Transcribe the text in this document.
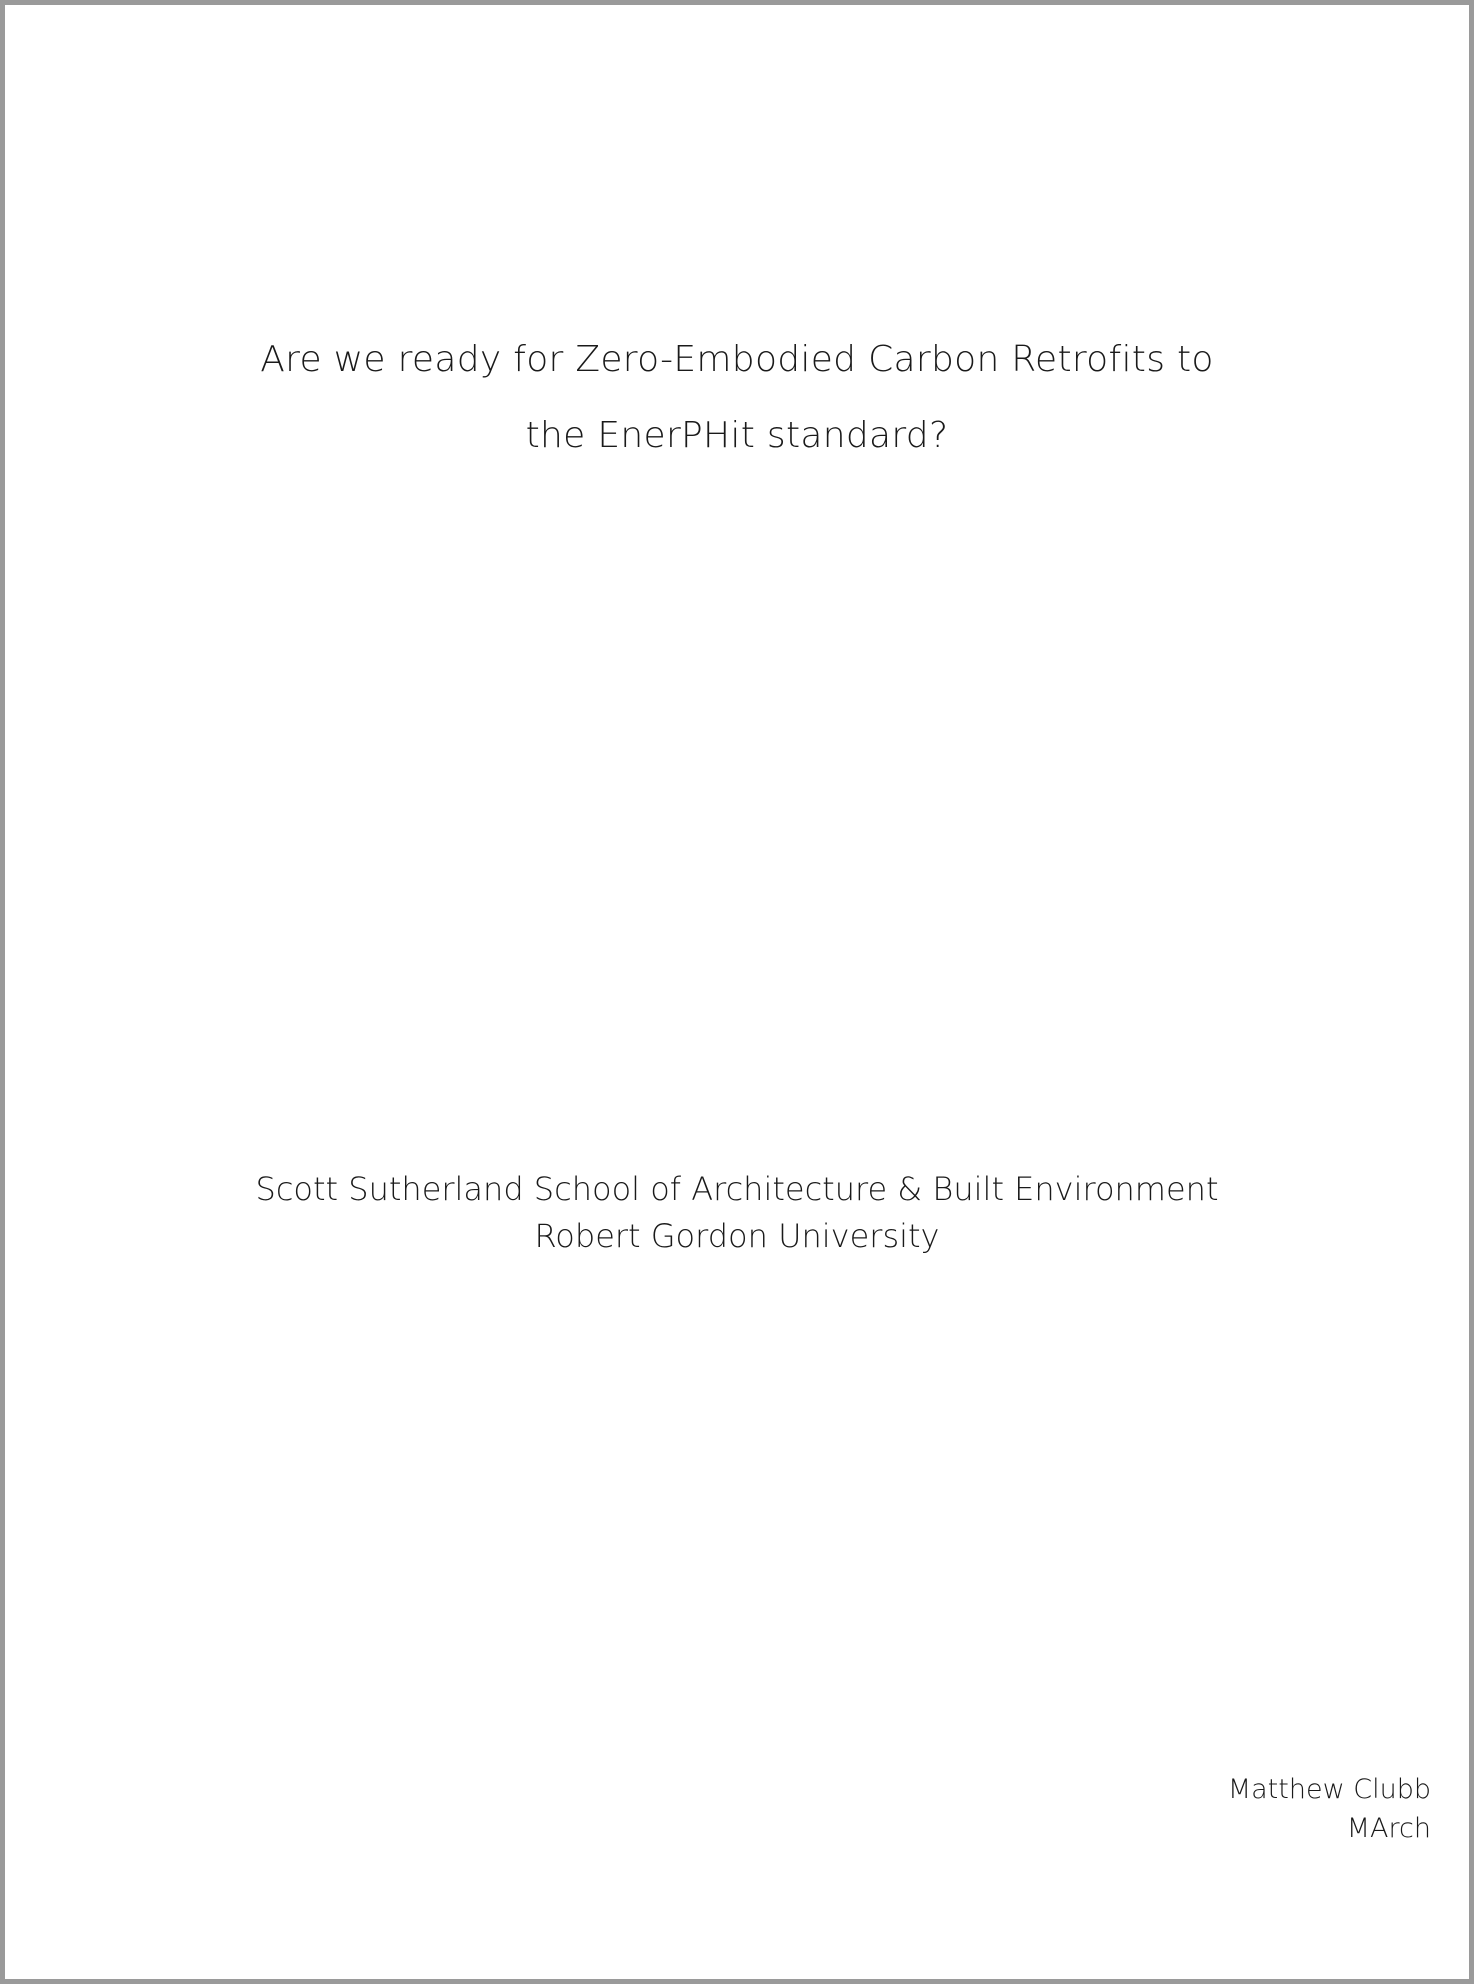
Are we ready for Zero-Embodied Carbon Retrofits to
the EnerPHit standard?
Scott Sutherland School of Architecture & Built Environment
Robert Gordon University
Matthew Clubb
MArch
